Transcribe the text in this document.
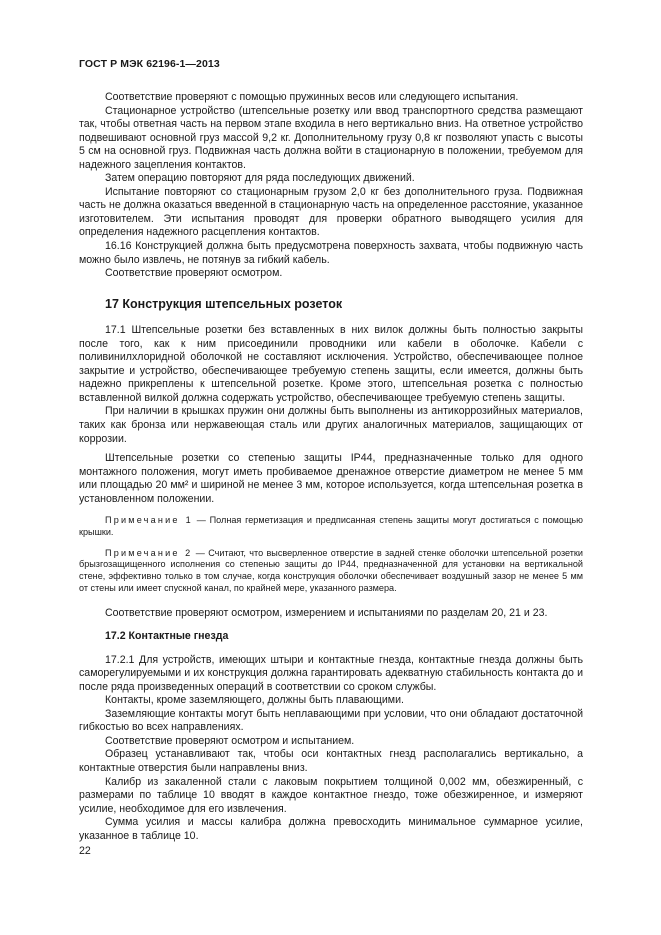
ГОСТ Р МЭК 62196-1—2013

Соответствие проверяют с помощью пружинных весов или следующего испытания.

Стационарное устройство (штепсельные розетку или ввод транспортного средства размещают так, чтобы ответная часть на первом этапе входила в него вертикально вниз. На ответное устройство подвешивают основной груз массой 9,2 кг. Дополнительному грузу 0,8 кг позволяют упасть с высоты 5 см на основной груз. Подвижная часть должна войти в стационарную в положении, требуемом для надежного зацепления контактов.

Затем операцию повторяют для ряда последующих движений.

Испытание повторяют со стационарным грузом 2,0 кг без дополнительного груза. Подвижная часть не должна оказаться введенной в стационарную часть на определенное расстояние, указанное изготовителем. Эти испытания проводят для проверки обратного выводящего усилия для определения надежного расцепления контактов.

16.16 Конструкцией должна быть предусмотрена поверхность захвата, чтобы подвижную часть можно было извлечь, не потянув за гибкий кабель.

Соответствие проверяют осмотром.

17 Конструкция штепсельных розеток

17.1 Штепсельные розетки без вставленных в них вилок должны быть полностью закрыты после того, как к ним присоединили проводники или кабели в оболочке. Кабели с поливинилхлоридной оболочкой не составляют исключения. Устройство, обеспечивающее полное закрытие и устройство, обеспечивающее требуемую степень защиты, если имеется, должны быть надежно прикреплены к штепсельной розетке. Кроме этого, штепсельная розетка с полностью вставленной вилкой должна содержать устройство, обеспечивающее требуемую степень защиты.

При наличии в крышках пружин они должны быть выполнены из антикоррозийных материалов, таких как бронза или нержавеющая сталь или других аналогичных материалов, защищающих от коррозии.

Штепсельные розетки со степенью защиты IP44, предназначенные только для одного монтажного положения, могут иметь пробиваемое дренажное отверстие диаметром не менее 5 мм или площадью 20 мм² и шириной не менее 3 мм, которое используется, когда штепсельная розетка в установленном положении.

Примечание 1 — Полная герметизация и предписанная степень защиты могут достигаться с помощью крышки.

Примечание 2 — Считают, что высверленное отверстие в задней стенке оболочки штепсельной розетки брызгозащищенного исполнения со степенью защиты до IP44, предназначенной для установки на вертикальной стене, эффективно только в том случае, когда конструкция оболочки обеспечивает воздушный зазор не менее 5 мм от стены или имеет спускной канал, по крайней мере, указанного размера.

Соответствие проверяют осмотром, измерением и испытаниями по разделам 20, 21 и 23.

17.2 Контактные гнезда

17.2.1 Для устройств, имеющих штыри и контактные гнезда, контактные гнезда должны быть саморегулируемыми и их конструкция должна гарантировать адекватную стабильность контакта до и после ряда произведенных операций в соответствии со сроком службы.

Контакты, кроме заземляющего, должны быть плавающими.

Заземляющие контакты могут быть неплавающими при условии, что они обладают достаточной гибкостью во всех направлениях.

Соответствие проверяют осмотром и испытанием.

Образец устанавливают так, чтобы оси контактных гнезд располагались вертикально, а контактные отверстия были направлены вниз.

Калибр из закаленной стали с лаковым покрытием толщиной 0,002 мм, обезжиренный, с размерами по таблице 10 вводят в каждое контактное гнездо, тоже обезжиренное, и измеряют усилие, необходимое для его извлечения.

Сумма усилия и массы калибра должна превосходить минимальное суммарное усилие, указанное в таблице 10.

22
